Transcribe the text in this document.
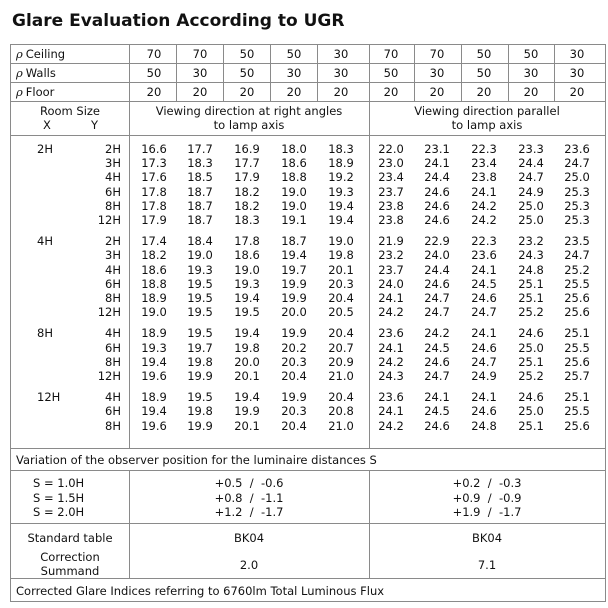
Glare Evaluation According to UGR
ρ Ceiling	70	70	50	50	30	70	70	50	50	30
ρ Walls	50	30	50	30	30	50	30	50	30	30
ρ Floor	20	20	20	20	20	20	20	20	20	20
Room Size
X	Y
Viewing direction at right angles
to lamp axis
Viewing direction parallel
to lamp axis
2H	2H	16.6	17.7	16.9	18.0	18.3	22.0	23.1	22.3	23.3	23.6
3H	17.3	18.3	17.7	18.6	18.9	23.0	24.1	23.4	24.4	24.7
4H	17.6	18.5	17.9	18.8	19.2	23.4	24.4	23.8	24.7	25.0
6H	17.8	18.7	18.2	19.0	19.3	23.7	24.6	24.1	24.9	25.3
8H	17.8	18.7	18.2	19.0	19.4	23.8	24.6	24.2	25.0	25.3
12H	17.9	18.7	18.3	19.1	19.4	23.8	24.6	24.2	25.0	25.3
4H	2H	17.4	18.4	17.8	18.7	19.0	21.9	22.9	22.3	23.2	23.5
3H	18.2	19.0	18.6	19.4	19.8	23.2	24.0	23.6	24.3	24.7
4H	18.6	19.3	19.0	19.7	20.1	23.7	24.4	24.1	24.8	25.2
6H	18.8	19.5	19.3	19.9	20.3	24.0	24.6	24.5	25.1	25.5
8H	18.9	19.5	19.4	19.9	20.4	24.1	24.7	24.6	25.1	25.6
12H	19.0	19.5	19.5	20.0	20.5	24.2	24.7	24.7	25.2	25.6
8H	4H	18.9	19.5	19.4	19.9	20.4	23.6	24.2	24.1	24.6	25.1
6H	19.3	19.7	19.8	20.2	20.7	24.1	24.5	24.6	25.0	25.5
8H	19.4	19.8	20.0	20.3	20.9	24.2	24.6	24.7	25.1	25.6
12H	19.6	19.9	20.1	20.4	21.0	24.3	24.7	24.9	25.2	25.7
12H	4H	18.9	19.5	19.4	19.9	20.4	23.6	24.1	24.1	24.6	25.1
6H	19.4	19.8	19.9	20.3	20.8	24.1	24.5	24.6	25.0	25.5
8H	19.6	19.9	20.1	20.4	21.0	24.2	24.6	24.8	25.1	25.6
Variation of the observer position for the luminaire distances S
S = 1.0H	+0.5  /  -0.6	+0.2  /  -0.3
S = 1.5H	+0.8  /  -1.1	+0.9  /  -0.9
S = 2.0H	+1.2  /  -1.7	+1.9  /  -1.7
Standard table	BK04	BK04
Correction
Summand	2.0	7.1
Corrected Glare Indices referring to 6760lm Total Luminous Flux
